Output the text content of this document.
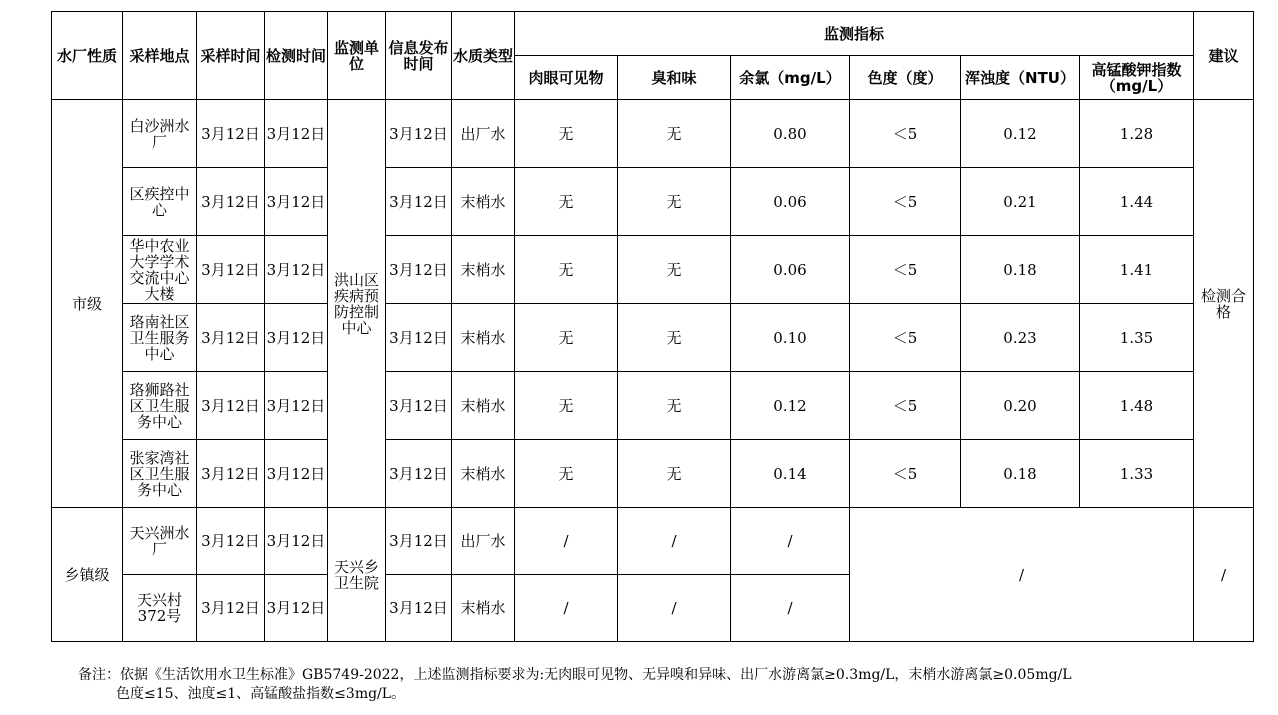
水厂性质	采样地点	采样时间	检测时间	监测单位	信息发布时间	水质类型	监测指标						建议
							肉眼可见物	臭和味	余氯（mg/L）	色度（度）	浑浊度（NTU）	高锰酸钾指数（mg/L）	
市级	白沙洲水厂	3月12日	3月12日	洪山区疾病预防控制中心	3月12日	出厂水	无	无	0.80	＜5	0.12	1.28	检测合格
	区疾控中心	3月12日	3月12日		3月12日	末梢水	无	无	0.06	＜5	0.21	1.44	
	华中农业大学学术交流中心大楼	3月12日	3月12日		3月12日	末梢水	无	无	0.06	＜5	0.18	1.41	
	珞南社区卫生服务中心	3月12日	3月12日		3月12日	末梢水	无	无	0.10	＜5	0.23	1.35	
	珞狮路社区卫生服务中心	3月12日	3月12日		3月12日	末梢水	无	无	0.12	＜5	0.20	1.48	
	张家湾社区卫生服务中心	3月12日	3月12日		3月12日	末梢水	无	无	0.14	＜5	0.18	1.33	
乡镇级	天兴洲水厂	3月12日	3月12日	天兴乡卫生院	3月12日	出厂水	/	/	/	/			/
	天兴村372号	3月12日	3月12日		3月12日	末梢水	/	/	/				
备注：依据《生活饮用水卫生标准》GB5749-2022，上述监测指标要求为:无肉眼可见物、无异嗅和异味、出厂水游离氯≥0.3mg/L，末梢水游离氯≥0.05mg/L
色度≤15、浊度≤1、高锰酸盐指数≤3mg/L。
